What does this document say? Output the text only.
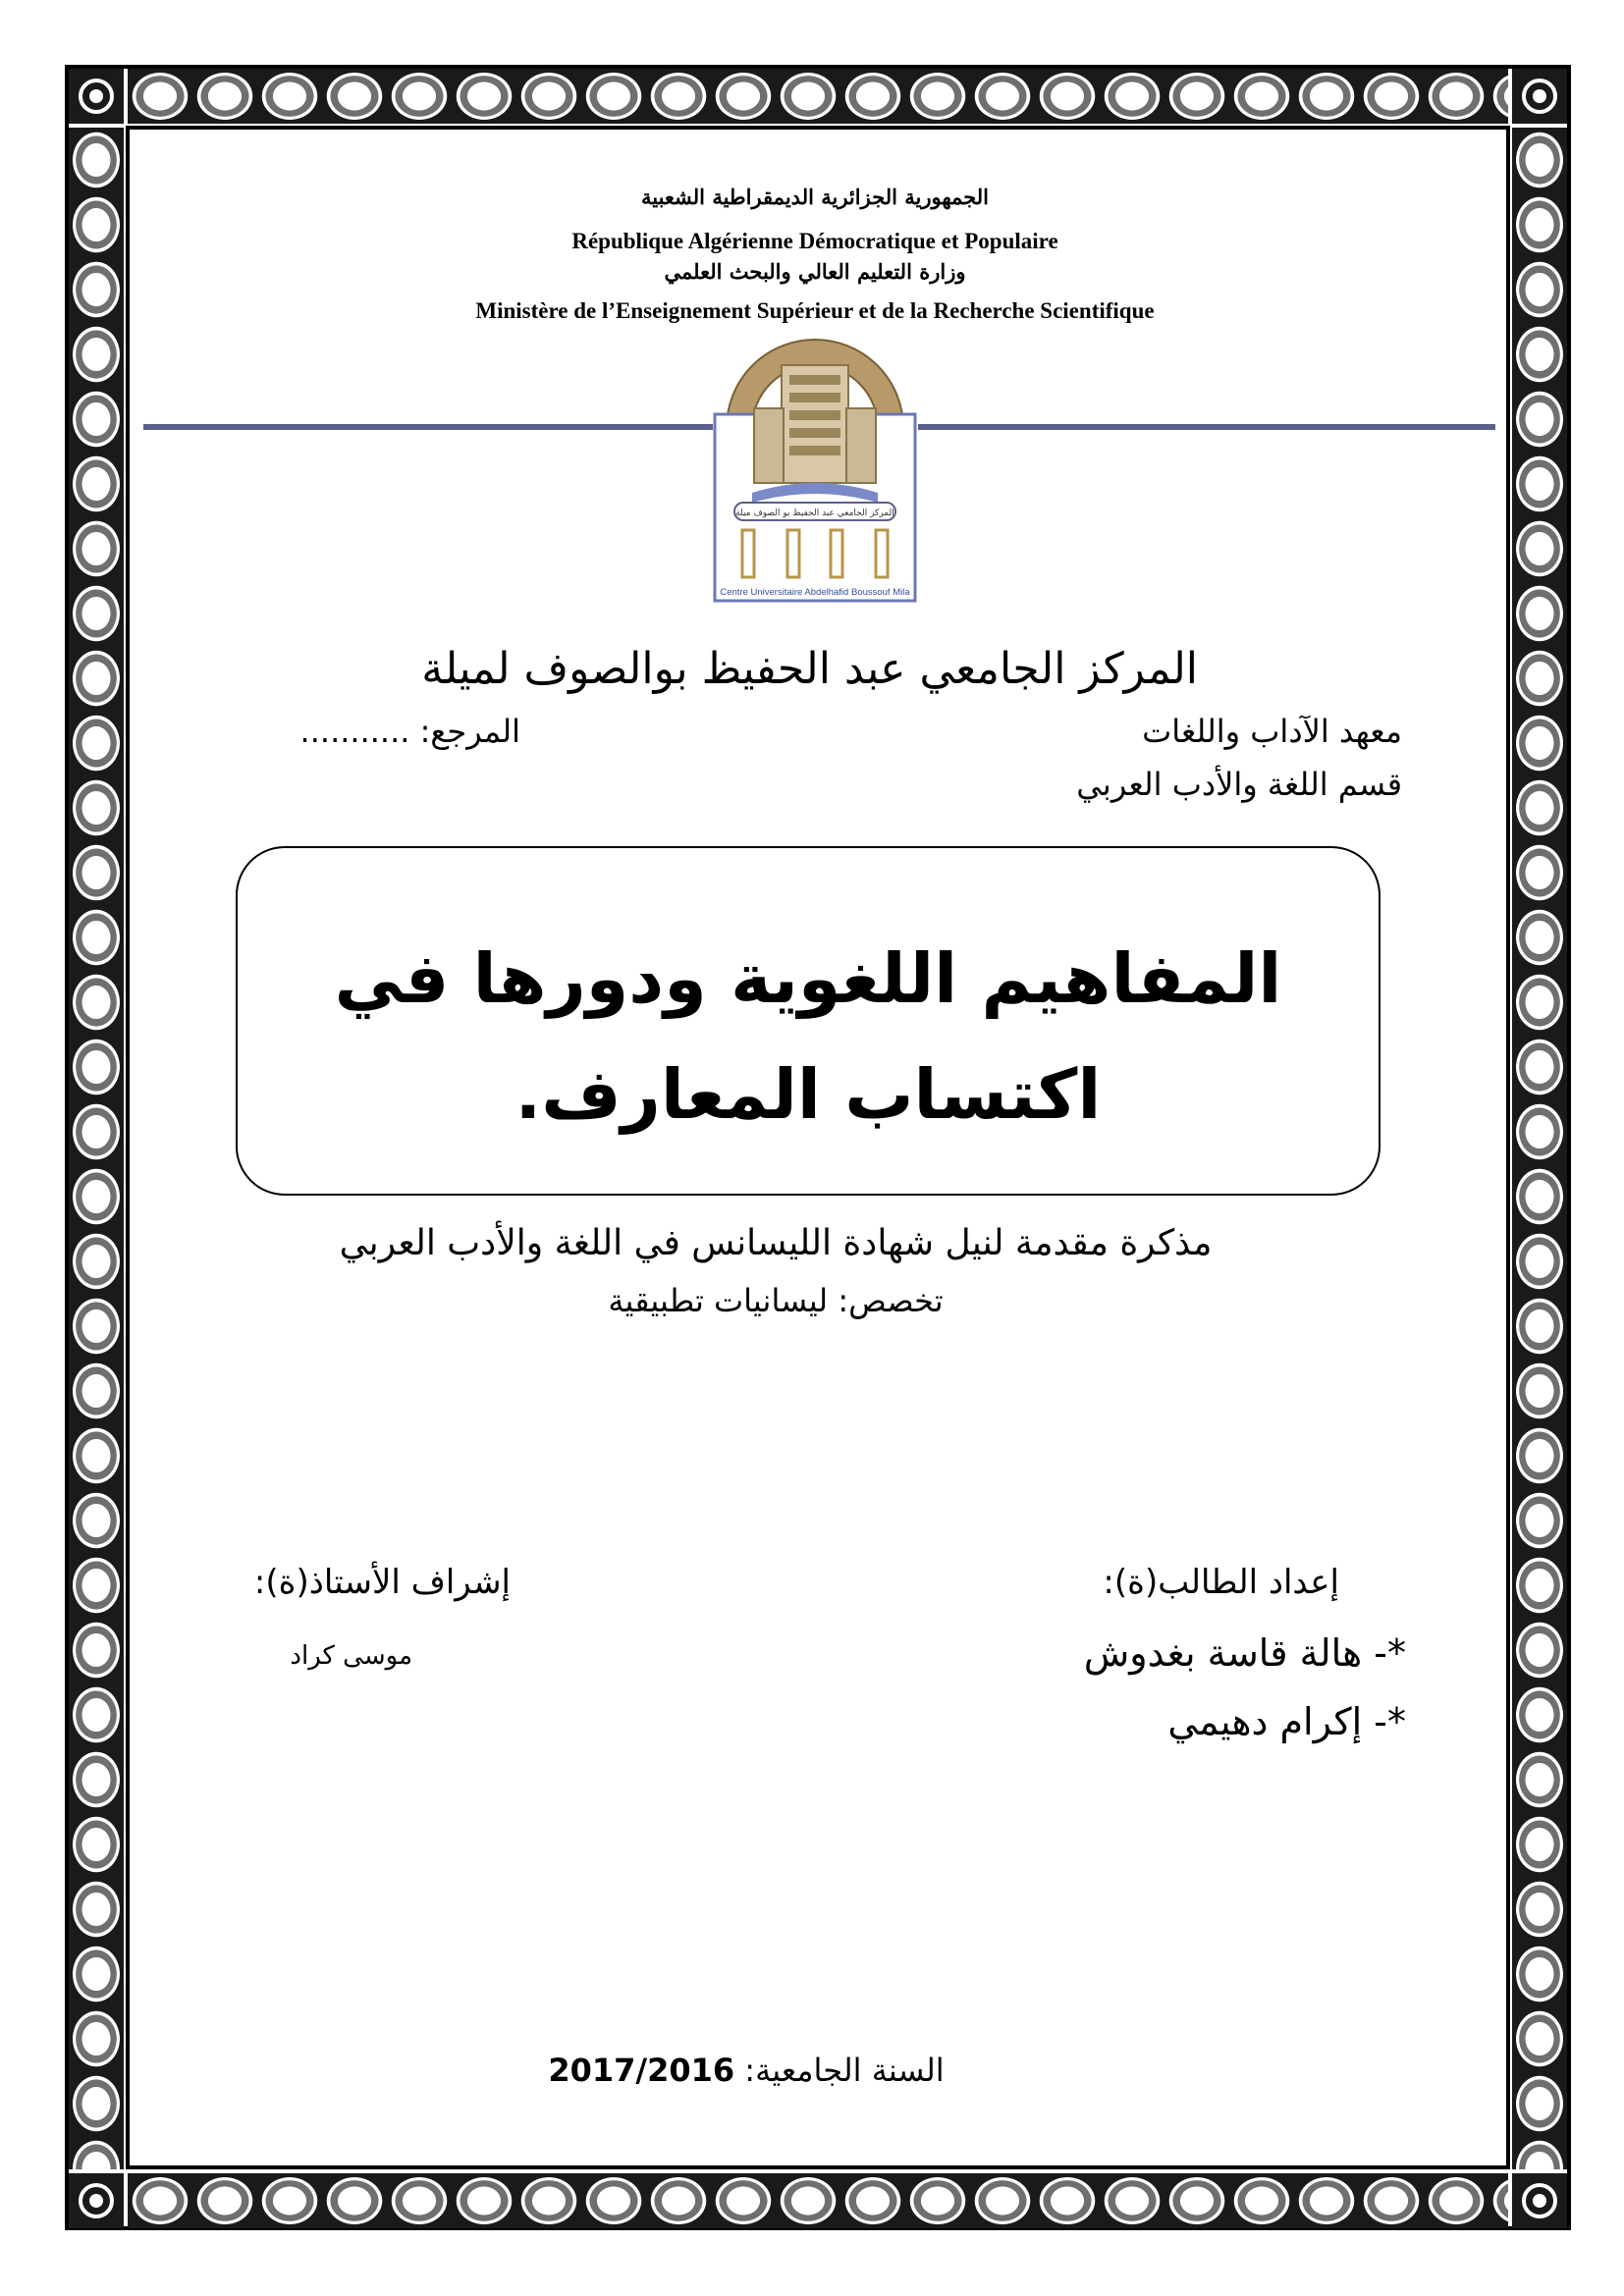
الجمهورية الجزائرية الديمقراطية الشعبية
République Algérienne Démocratique et Populaire
وزارة التعليم العالي والبحث العلمي
Ministère de l’Enseignement Supérieur et de la Recherche Scientifique
المركز الجامعي عبد الحفيظ بو الصوف ميلة
Centre Universitaire Abdelhafid Boussouf Mila
المركز الجامعي عبد الحفيظ بوالصوف لميلة
معهد الآداب واللغات
المرجع: ...........
قسم اللغة والأدب العربي
المفاهيم اللغوية ودورها في
اكتساب المعارف.
مذكرة مقدمة لنيل شهادة الليسانس في اللغة والأدب العربي
تخصص: ليسانيات تطبيقية
إعداد الطالب(ة):
إشراف الأستاذ(ة):
*- هالة قاسة بغدوش
*- إكرام دهيمي
موسى كراد
السنة الجامعية: 2017/2016
